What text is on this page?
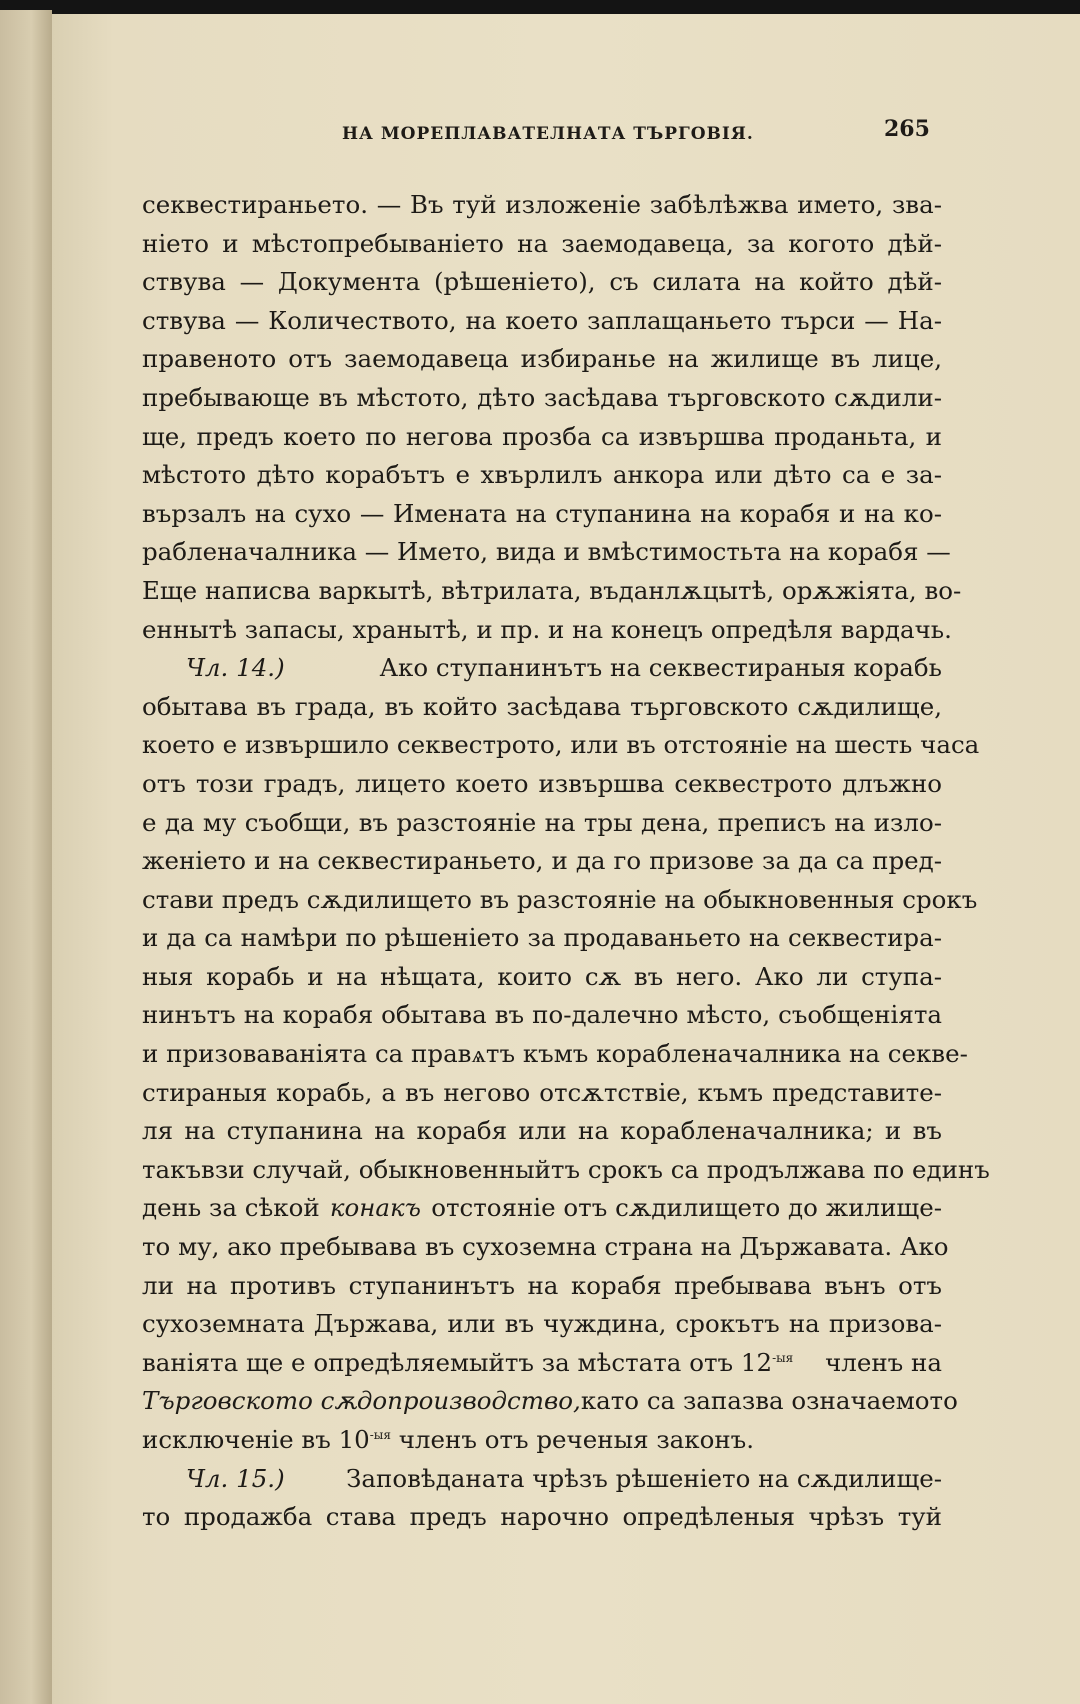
НА МОРЕПЛАВАТЕЛНАТА ТЪРГОВІЯ.	265
секвестираньето. — Въ туй изложеніе забѣлѣжва името, зва-
ніето и мѣстопребываніето на заемодавеца, за когото дѣй-
ствува — Документа (рѣшеніето), съ силата на който дѣй-
ствува — Количеството, на което заплащаньето търси — На-
правеното отъ заемодавеца избиранье на жилище въ лице,
пребывающе въ мѣстото, дѣто засѣдава търговското сѫдили-
ще, предъ което по негова прозба са извършва проданьта, и
мѣстото дѣто корабътъ е хвърлилъ анкора или дѣто са е за-
вързалъ на сухо — Имената на ступанина на корабя и на ко-
рабленачалника — Името, вида и вмѣстимостьта на корабя —
Еще написва варкытѣ, вѣтрилата, въданлѫцытѣ, орѫжіята, во-
еннытѣ запасы, хранытѣ, и пр. и на конецъ опредѣля вардачь.
Чл. 14.)	Ако ступанинътъ на секвестираныя корабь
обытава въ града, въ който засѣдава търговското сѫдилище,
което е извършило секвестрото, или въ отстояніе на шесть часа
отъ този градъ, лицето което извършва секвестрото длъжно
е да му съобщи, въ разстояніе на тры дена, преписъ на изло-
женіето и на секвестираньето, и да го призове за да са пред-
стави предъ сѫдилището въ разстояніе на обыкновенныя срокъ
и да са намѣри по рѣшеніето за продаваньето на секвестира-
ныя корабь и на нѣщата, които сѫ въ него. Ако ли ступа-
нинътъ на корабя обытава въ по-далечно мѣсто, съобщеніята
и призоваваніята са правѧтъ къмъ корабленачалника на секве-
стираныя корабь, а въ негово отсѫтствіе, къмъ представите-
ля на ступанина на корабя или на корабленачалника; и въ
такъвзи случай, обыкновенныйтъ срокъ са продължава по единъ
день за сѣкой конакъ отстояніе отъ сѫдилището до жилище-
то му, ако пребывава въ сухоземна страна на Държавата. Ако
ли на противъ ступанинътъ на корабя пребывава вънъ отъ
сухоземната Държава, или въ чуждина, срокътъ на призова-
ваніята ще е опредѣляемыйтъ за мѣстата отъ $12^{-ыя}$ членъ на
Търговското сѫдопроизводство, като са запазва означаемото
исключеніе въ $10^{-ыя}$ членъ отъ реченыя законъ.
Чл. 15.)	Заповѣданата чрѣзъ рѣшеніето на сѫдилище-
то продажба става предъ нарочно опредѣленыя чрѣзъ туй
